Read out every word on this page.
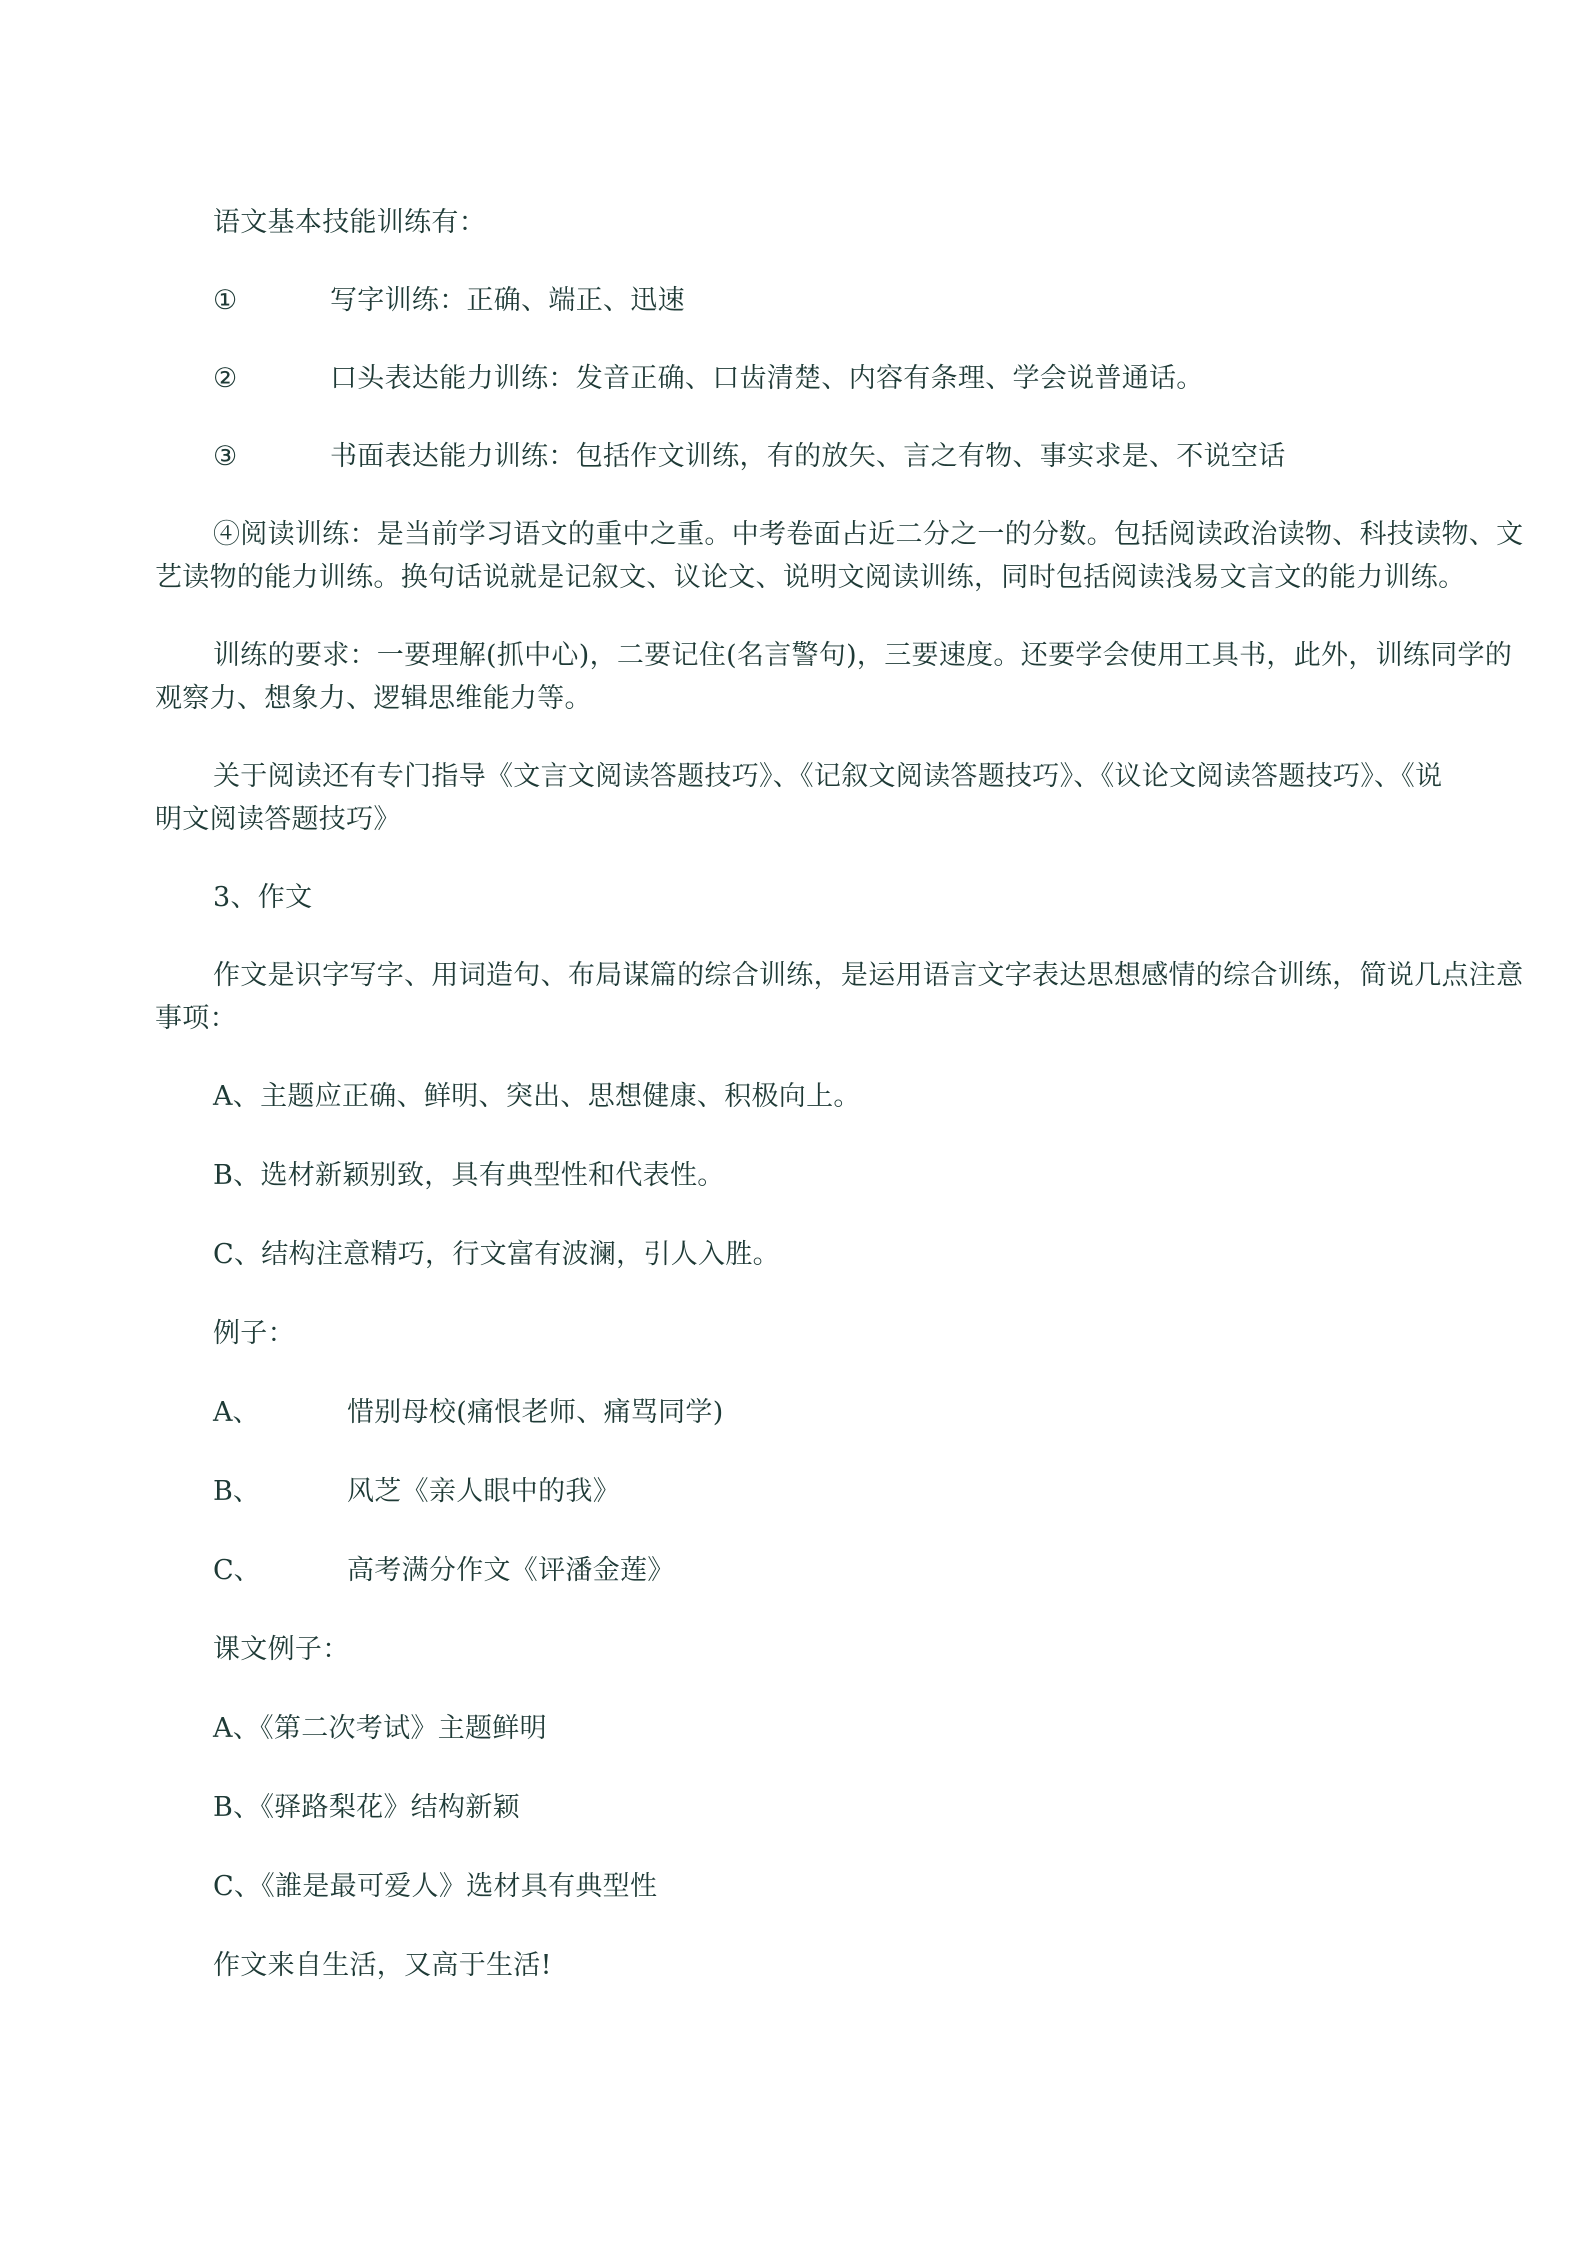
语文基本技能训练有：

①	写字训练：正确、端正、迅速

②	口头表达能力训练：发音正确、口齿清楚、内容有条理、学会说普通话。

③	书面表达能力训练：包括作文训练，有的放矢、言之有物、事实求是、不说空话

④阅读训练：是当前学习语文的重中之重。中考卷面占近二分之一的分数。包括阅读政治读物、科技读物、文

艺读物的能力训练。换句话说就是记叙文、议论文、说明文阅读训练，同时包括阅读浅易文言文的能力训练。

训练的要求：一要理解(抓中心)，二要记住(名言警句)，三要速度。还要学会使用工具书，此外，训练同学的

观察力、想象力、逻辑思维能力等。

关于阅读还有专门指导《文言文阅读答题技巧》、《记叙文阅读答题技巧》、《议论文阅读答题技巧》、《说

明文阅读答题技巧》

3、作文

作文是识字写字、用词造句、布局谋篇的综合训练，是运用语言文字表达思想感情的综合训练，简说几点注意

事项：

A、主题应正确、鲜明、突出、思想健康、积极向上。

B、选材新颖别致，具有典型性和代表性。

C、结构注意精巧，行文富有波澜，引人入胜。

例子：

A、	惜别母校(痛恨老师、痛骂同学)

B、	风芝《亲人眼中的我》

C、	高考满分作文《评潘金莲》

课文例子：

A、《第二次考试》主题鲜明

B、《驿路梨花》结构新颖

C、《誰是最可爱人》选材具有典型性

作文来自生活，又高于生活!
